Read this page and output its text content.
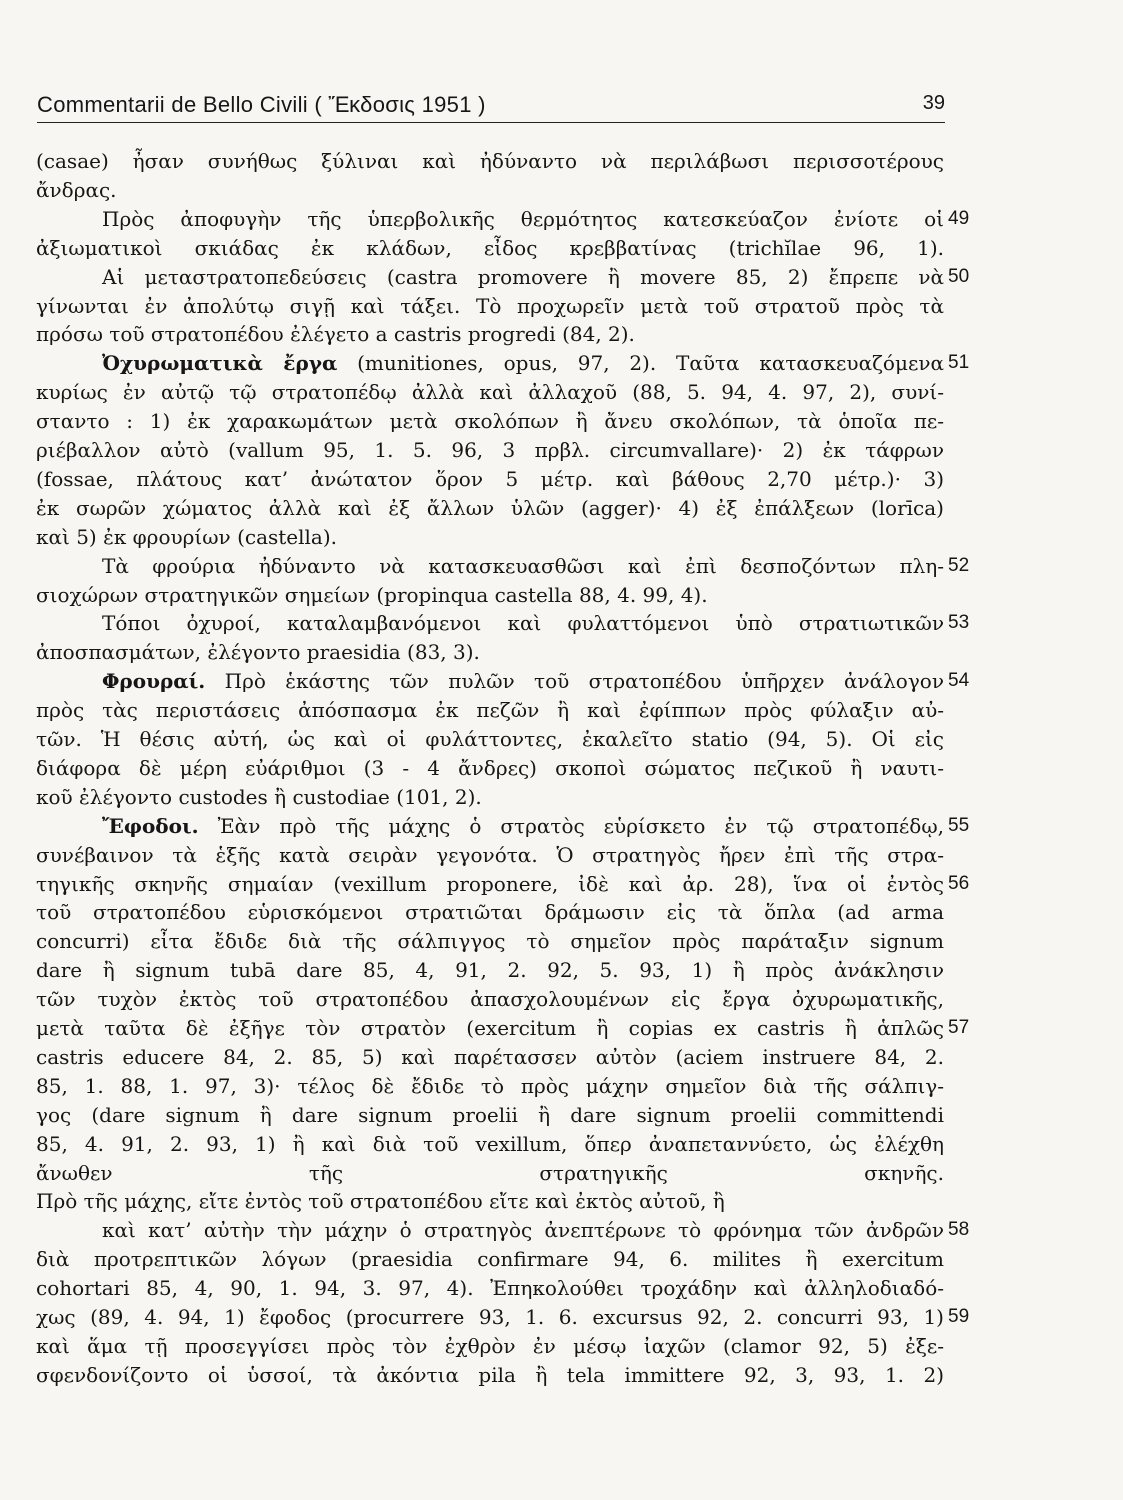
Commentarii de Bello Civili ( Ἔκδοσις 1951 )	39
(casae) ἦσαν συνήθως ξύλιναι καὶ ἠδύναντο νὰ περιλάβωσι περισσοτέρους
ἄνδρας.
Πρὸς ἀποφυγὴν τῆς ὑπερβολικῆς θερμότητος κατεσκεύαζον ἐνίοτε οἱ
ἀξιωματικοὶ σκιάδας ἐκ κλάδων, εἶδος κρεββατίνας (trichĭlae 96, 1).
Αἱ μεταστρατοπεδεύσεις (castra promovere ἢ movere 85, 2) ἔπρεπε νὰ
γίνωνται ἐν ἀπολύτῳ σιγῇ καὶ τάξει. Τὸ προχωρεῖν μετὰ τοῦ στρατοῦ πρὸς τὰ
πρόσω τοῦ στρατοπέδου ἐλέγετο a castris progredi (84, 2).
Ὀχυρωματικὰ ἔργα (munitiones, opus, 97, 2). Ταῦτα κατασκευαζόμενα
κυρίως ἐν αὐτῷ τῷ στρατοπέδῳ ἀλλὰ καὶ ἀλλαχοῦ (88, 5. 94, 4. 97, 2), συνί-
σταντο : 1) ἐκ χαρακωμάτων μετὰ σκολόπων ἢ ἄνευ σκολόπων, τὰ ὁποῖα πε-
ριέβαλλον αὐτὸ (vallum 95, 1. 5. 96, 3 πρβλ. circumvallare)· 2) ἐκ τάφρων
(fossae, πλάτους κατ’ ἀνώτατον ὅρον 5 μέτρ. καὶ βάθους 2,70 μέτρ.)· 3)
ἐκ σωρῶν χώματος ἀλλὰ καὶ ἐξ ἄλλων ὑλῶν (agger)· 4) ἐξ ἐπάλξεων (lorīca)
καὶ 5) ἐκ φρουρίων (castella).
Τὰ φρούρια ἠδύναντο νὰ κατασκευασθῶσι καὶ ἐπὶ δεσποζόντων πλη-
σιοχώρων στρατηγικῶν σημείων (propinqua castella 88, 4. 99, 4).
Τόποι ὀχυροί, καταλαμβανόμενοι καὶ φυλαττόμενοι ὑπὸ στρατιωτικῶν
ἀποσπασμάτων, ἐλέγοντο praesidia (83, 3).
Φρουραί. Πρὸ ἑκάστης τῶν πυλῶν τοῦ στρατοπέδου ὑπῆρχεν ἀνάλογον
πρὸς τὰς περιστάσεις ἀπόσπασμα ἐκ πεζῶν ἢ καὶ ἐφίππων πρὸς φύλαξιν αὐ-
τῶν. Ἡ θέσις αὐτή, ὡς καὶ οἱ φυλάττοντες, ἐκαλεῖτο statio (94, 5). Οἱ εἰς
διάφορα δὲ μέρη εὐάριθμοι (3 - 4 ἄνδρες) σκοποὶ σώματος πεζικοῦ ἢ ναυτι-
κοῦ ἐλέγοντο custodes ἢ custodiae (101, 2).
Ἔφοδοι. Ἐὰν πρὸ τῆς μάχης ὁ στρατὸς εὑρίσκετο ἐν τῷ στρατοπέδῳ,
συνέβαινον τὰ ἑξῆς κατὰ σειρὰν γεγονότα. Ὁ στρατηγὸς ἤρεν ἐπὶ τῆς στρα-
τηγικῆς σκηνῆς σημαίαν (vexillum proponere, ἰδὲ καὶ ἀρ. 28), ἵνα οἱ ἐντὸς
τοῦ στρατοπέδου εὑρισκόμενοι στρατιῶται δράμωσιν εἰς τὰ ὅπλα (ad arma
concurri) εἶτα ἔδιδε διὰ τῆς σάλπιγγος τὸ σημεῖον πρὸς παράταξιν signum
dare ἢ signum tubā dare 85, 4, 91, 2. 92, 5. 93, 1) ἢ πρὸς ἀνάκλησιν
τῶν τυχὸν ἐκτὸς τοῦ στρατοπέδου ἀπασχολουμένων εἰς ἔργα ὀχυρωματικῆς,
μετὰ ταῦτα δὲ ἐξῆγε τὸν στρατὸν (exercitum ἢ copias ex castris ἢ ἁπλῶς
castris educere 84, 2. 85, 5) καὶ παρέτασσεν αὐτὸν (aciem instruere 84, 2.
85, 1. 88, 1. 97, 3)· τέλος δὲ ἔδιδε τὸ πρὸς μάχην σημεῖον διὰ τῆς σάλπιγ-
γος (dare signum ἢ dare signum proelii ἢ dare signum proelii committendi
85, 4. 91, 2. 93, 1) ἢ καὶ διὰ τοῦ vexillum, ὅπερ ἀναπεταννύετο, ὡς ἐλέχθη
ἄνωθεν τῆς στρατηγικῆς σκηνῆς.
Πρὸ τῆς μάχης, εἴτε ἐντὸς τοῦ στρατοπέδου εἴτε καὶ ἐκτὸς αὐτοῦ, ἢ
καὶ κατ’ αὐτὴν τὴν μάχην ὁ στρατηγὸς ἀνεπτέρωνε τὸ φρόνημα τῶν ἀνδρῶν
διὰ προτρεπτικῶν λόγων (praesidia confirmare 94, 6. milites ἢ exercitum
cohortari 85, 4, 90, 1. 94, 3. 97, 4). Ἐπηκολούθει τροχάδην καὶ ἀλληλοδιαδό-
χως (89, 4. 94, 1) ἔφοδος (procurrere 93, 1. 6. excursus 92, 2. concurri 93, 1)
καὶ ἅμα τῇ προσεγγίσει πρὸς τὸν ἐχθρὸν ἐν μέσῳ ἰαχῶν (clamor 92, 5) ἐξε-
σφενδονίζοντο οἱ ὑσσοί, τὰ ἀκόντια pila ἢ tela immittere 92, 3, 93, 1. 2)
49
50
51
52
53
54
55
56
57
58
59
